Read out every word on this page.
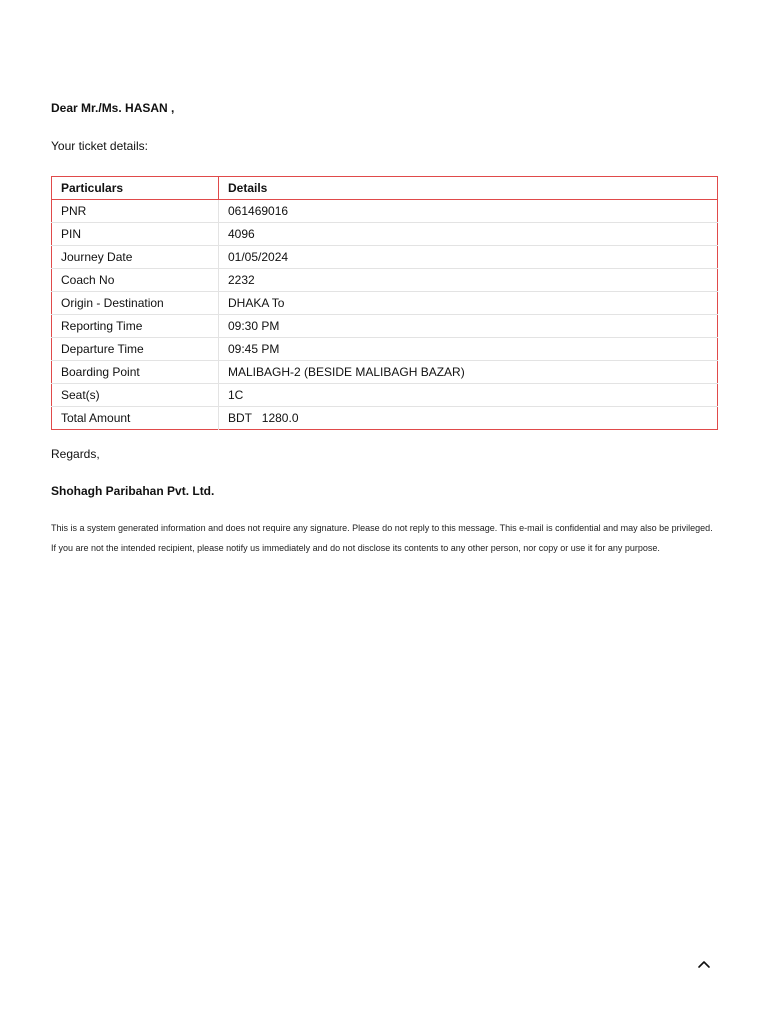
Dear Mr./Ms. HASAN ,
Your ticket details:
Particulars	Details
PNR	061469016
PIN	4096
Journey Date	01/05/2024
Coach No	2232
Origin - Destination	DHAKA To
Reporting Time	09:30 PM
Departure Time	09:45 PM
Boarding Point	MALIBAGH-2 (BESIDE MALIBAGH BAZAR)
Seat(s)	1C
Total Amount	BDT   1280.0
Regards,
Shohagh Paribahan Pvt. Ltd.
This is a system generated information and does not require any signature. Please do not reply to this message. This e-mail is confidential and may also be privileged. If you are not the intended recipient, please notify us immediately and do not disclose its contents to any other person, nor copy or use it for any purpose.
